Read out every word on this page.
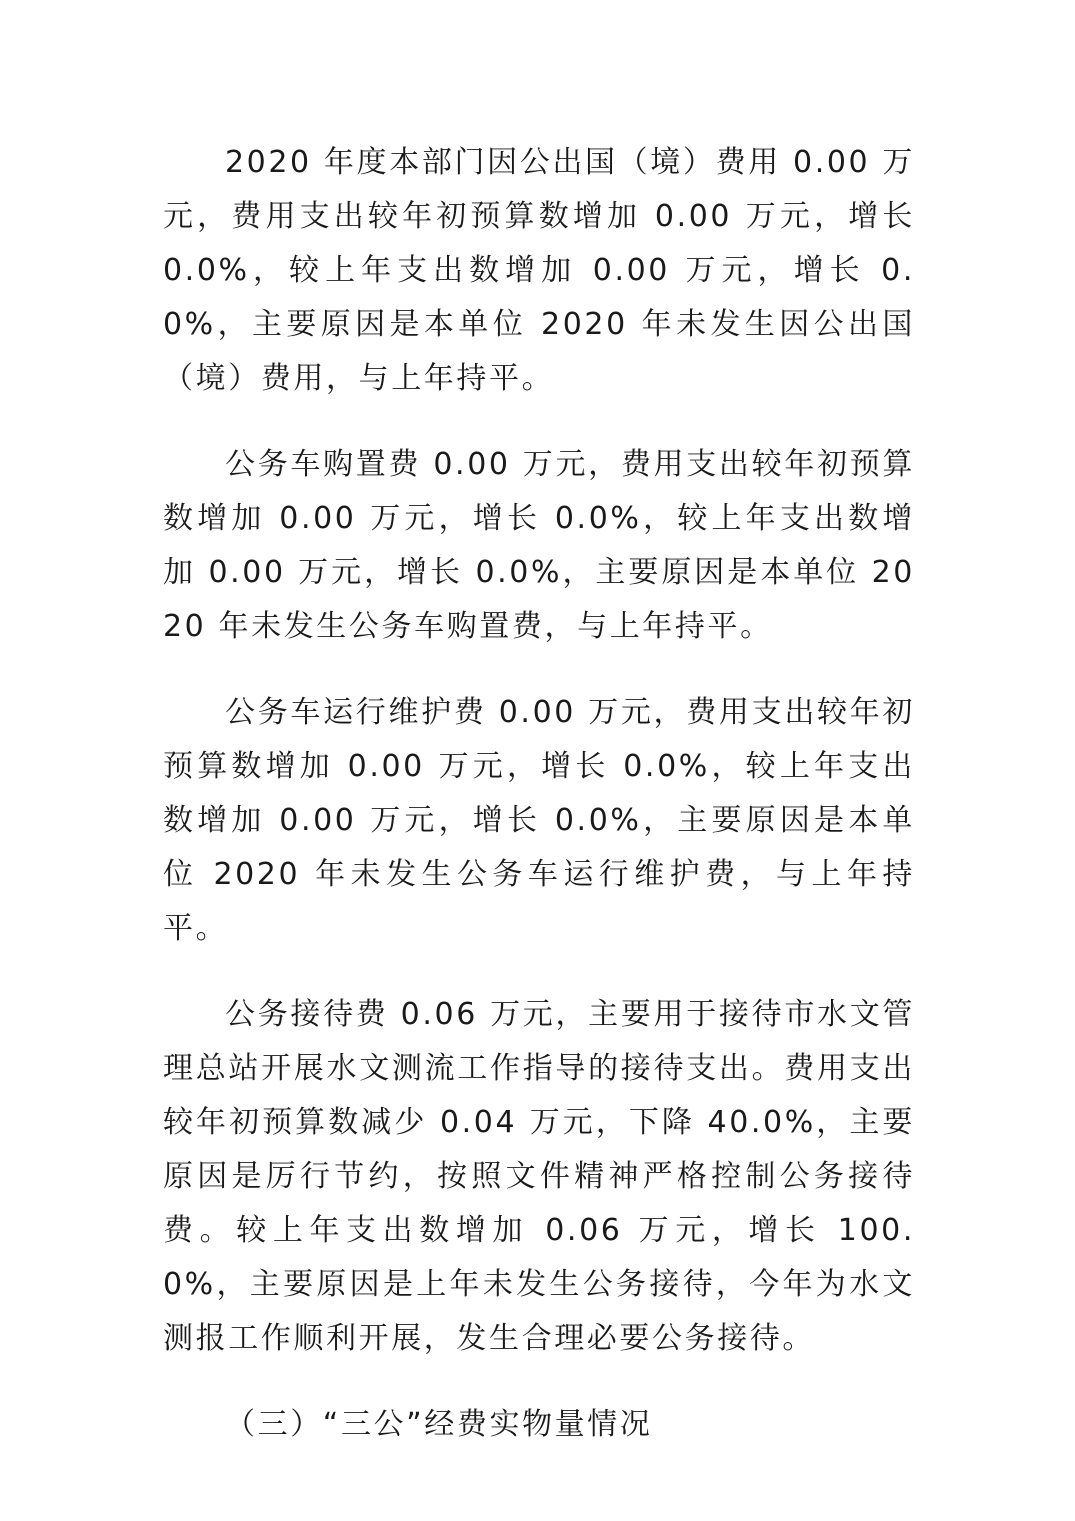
2020 年度本部门因公出国（境）费用 0.00 万元，费用支出较年初预算数增加 0.00 万元，增长 0.0%，较上年支出数增加 0.00 万元，增长 0.0%，主要原因是本单位 2020 年未发生因公出国（境）费用，与上年持平。

公务车购置费 0.00 万元，费用支出较年初预算数增加 0.00 万元，增长 0.0%，较上年支出数增加 0.00 万元，增长 0.0%，主要原因是本单位 2020 年未发生公务车购置费，与上年持平。

公务车运行维护费 0.00 万元，费用支出较年初预算数增加 0.00 万元，增长 0.0%，较上年支出数增加 0.00 万元，增长 0.0%，主要原因是本单位 2020 年未发生公务车运行维护费，与上年持平。

公务接待费 0.06 万元，主要用于接待市水文管理总站开展水文测流工作指导的接待支出。费用支出较年初预算数减少 0.04 万元，下降 40.0%，主要原因是厉行节约，按照文件精神严格控制公务接待费。较上年支出数增加 0.06 万元，增长 100.0%，主要原因是上年未发生公务接待，今年为水文测报工作顺利开展，发生合理必要公务接待。

（三）“三公”经费实物量情况
